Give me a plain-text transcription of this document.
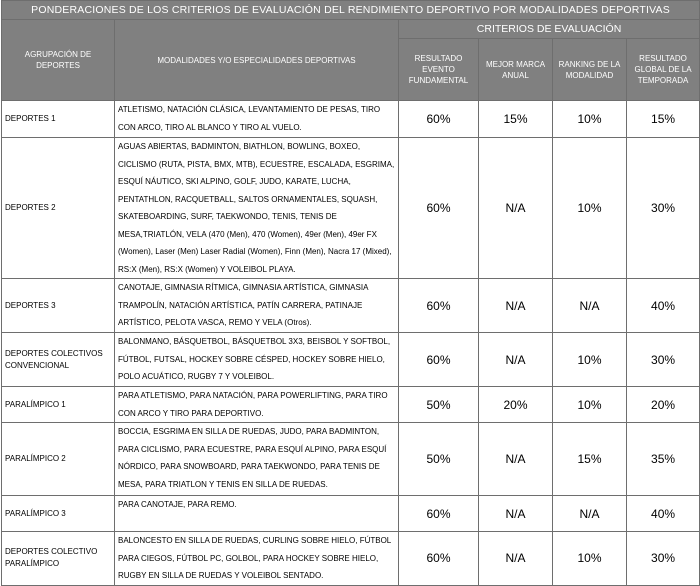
PONDERACIONES DE LOS CRITERIOS DE EVALUACIÓN DEL RENDIMIENTO DEPORTIVO POR MODALIDADES DEPORTIVAS					
AGRUPACIÓN DE DEPORTES	MODALIDADES Y/O ESPECIALIDADES DEPORTIVAS	CRITERIOS DE EVALUACIÓN			
		RESULTADO EVENTO FUNDAMENTAL	MEJOR MARCA ANUAL	RANKING DE LA MODALIDAD	RESULTADO GLOBAL DE LA TEMPORADA
DEPORTES 1	ATLETISMO, NATACIÓN CLÁSICA, LEVANTAMIENTO DE PESAS, TIRO CON ARCO, TIRO AL BLANCO Y TIRO AL VUELO.	60%	15%	10%	15%
DEPORTES 2	AGUAS ABIERTAS, BADMINTON, BIATHLON, BOWLING, BOXEO, CICLISMO (RUTA, PISTA, BMX, MTB), ECUESTRE, ESCALADA, ESGRIMA, ESQUÍ NÁUTICO, SKI ALPINO, GOLF, JUDO, KARATE, LUCHA, PENTATHLON, RACQUETBALL, SALTOS ORNAMENTALES, SQUASH, SKATEBOARDING, SURF, TAEKWONDO, TENIS, TENIS DE MESA,TRIATLÓN, VELA (470 (Men), 470 (Women), 49er (Men), 49er FX (Women), Laser (Men) Laser Radial (Women), Finn (Men), Nacra 17 (Mixed), RS:X (Men), RS:X (Women) Y VOLEIBOL PLAYA.	60%	N/A	10%	30%
DEPORTES 3	CANOTAJE, GIMNASIA RÍTMICA, GIMNASIA ARTÍSTICA, GIMNASIA TRAMPOLÍN, NATACIÓN ARTÍSTICA, PATÍN CARRERA, PATINAJE ARTÍSTICO, PELOTA VASCA, REMO Y VELA (Otros).	60%	N/A	N/A	40%
DEPORTES COLECTIVOS CONVENCIONAL	BALONMANO, BÁSQUETBOL, BÁSQUETBOL 3X3, BEISBOL Y SOFTBOL, FÚTBOL, FUTSAL, HOCKEY SOBRE CÉSPED, HOCKEY SOBRE HIELO, POLO ACUÁTICO, RUGBY 7 Y VOLEIBOL.	60%	N/A	10%	30%
PARALÍMPICO 1	PARA ATLETISMO, PARA NATACIÓN, PARA POWERLIFTING, PARA TIRO CON ARCO Y TIRO PARA DEPORTIVO.	50%	20%	10%	20%
PARALÍMPICO 2	BOCCIA, ESGRIMA EN SILLA DE RUEDAS, JUDO, PARA BADMINTON, PARA CICLISMO, PARA ECUESTRE, PARA ESQUÍ ALPINO, PARA ESQUÍ NÓRDICO, PARA SNOWBOARD, PARA TAEKWONDO, PARA TENIS DE MESA, PARA TRIATLON Y TENIS EN SILLA DE RUEDAS.	50%	N/A	15%	35%
PARALÍMPICO 3	PARA CANOTAJE, PARA REMO.	60%	N/A	N/A	40%
DEPORTES COLECTIVO PARALÍMPICO	BALONCESTO EN SILLA DE RUEDAS, CURLING SOBRE HIELO, FÚTBOL PARA CIEGOS, FÚTBOL PC, GOLBOL, PARA HOCKEY SOBRE HIELO, RUGBY EN SILLA DE RUEDAS Y VOLEIBOL SENTADO.	60%	N/A	10%	30%
